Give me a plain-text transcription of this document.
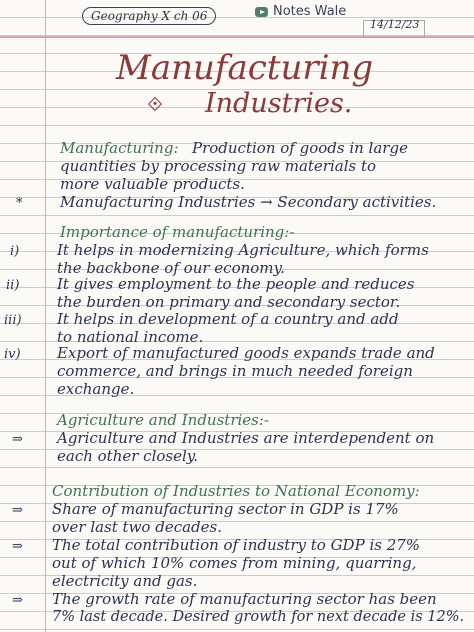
Geography X ch 06	Notes Wale
14/12/23
Manufacturing
Industries.
Manufacturing: Production of goods in large
quantities by processing raw materials to
more valuable products.
*	Manufacturing Industries → Secondary activities.
Importance of manufacturing:-
i)	It helps in modernizing Agriculture, which forms
the backbone of our economy.
ii)	It gives employment to the people and reduces
the burden on primary and secondary sector.
iii) It helps in development of a country and add
to national income.
iv) Export of manufactured goods expands trade and
commerce, and brings in much needed foreign
exchange.
Agriculture and Industries:-
⇒ Agriculture and Industries are interdependent on
each other closely.
Contribution of Industries to National Economy:
⇒ Share of manufacturing sector in GDP is 17%
over last two decades.
⇒ The total contribution of industry to GDP is 27%
out of which 10% comes from mining, quarring,
electricity and gas.
⇒ The growth rate of manufacturing sector has been
7% last decade. Desired growth for next decade is 12%.
